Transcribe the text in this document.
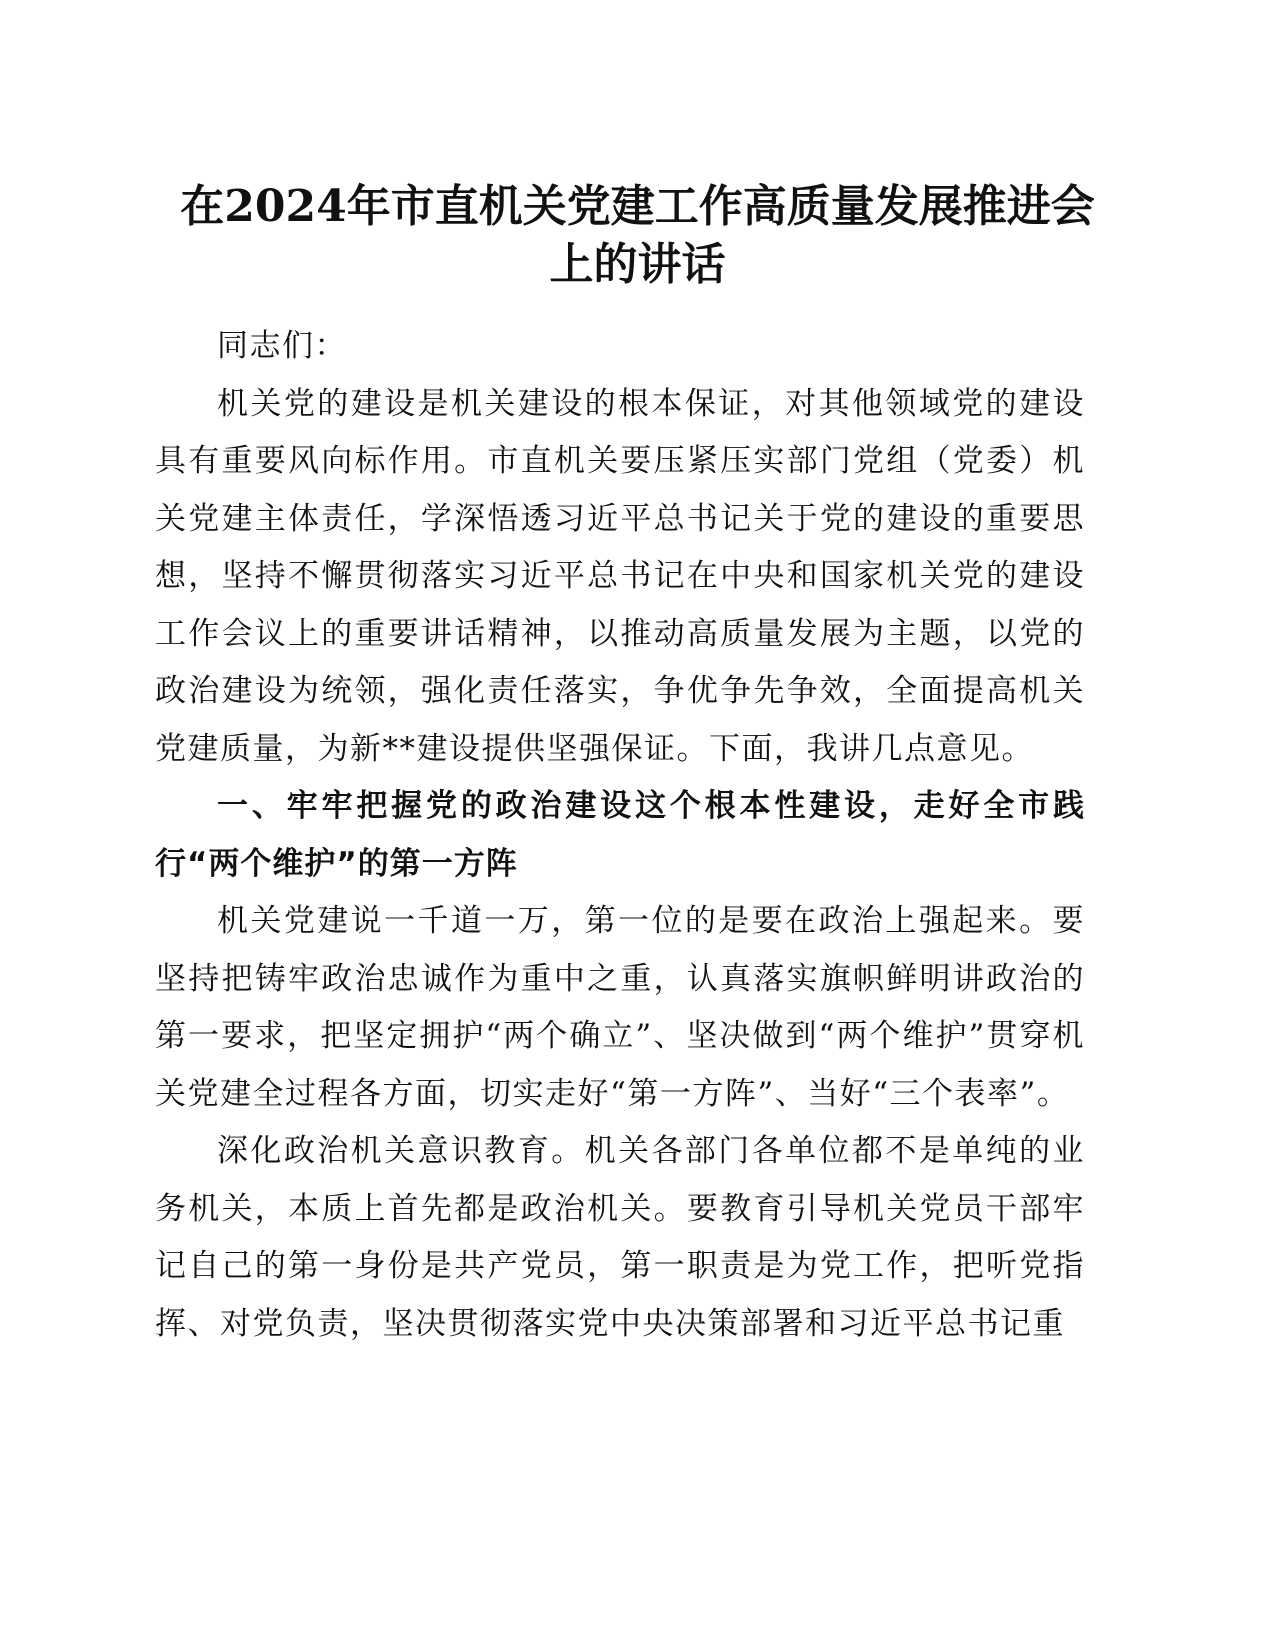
在2024年市直机关党建工作高质量发展推进会
上的讲话

同志们：

机关党的建设是机关建设的根本保证，对其他领域党的建设具有重要风向标作用。市直机关要压紧压实部门党组（党委）机关党建主体责任，学深悟透习近平总书记关于党的建设的重要思想，坚持不懈贯彻落实习近平总书记在中央和国家机关党的建设工作会议上的重要讲话精神，以推动高质量发展为主题，以党的政治建设为统领，强化责任落实，争优争先争效，全面提高机关党建质量，为新**建设提供坚强保证。下面，我讲几点意见。

一、牢牢把握党的政治建设这个根本性建设，走好全市践行“两个维护”的第一方阵

机关党建说一千道一万，第一位的是要在政治上强起来。要坚持把铸牢政治忠诚作为重中之重，认真落实旗帜鲜明讲政治的第一要求，把坚定拥护“两个确立”、坚决做到“两个维护”贯穿机关党建全过程各方面，切实走好“第一方阵”、当好“三个表率”。

深化政治机关意识教育。机关各部门各单位都不是单纯的业务机关，本质上首先都是政治机关。要教育引导机关党员干部牢记自己的第一身份是共产党员，第一职责是为党工作，把听党指挥、对党负责，坚决贯彻落实党中央决策部署和习近平总书记重
